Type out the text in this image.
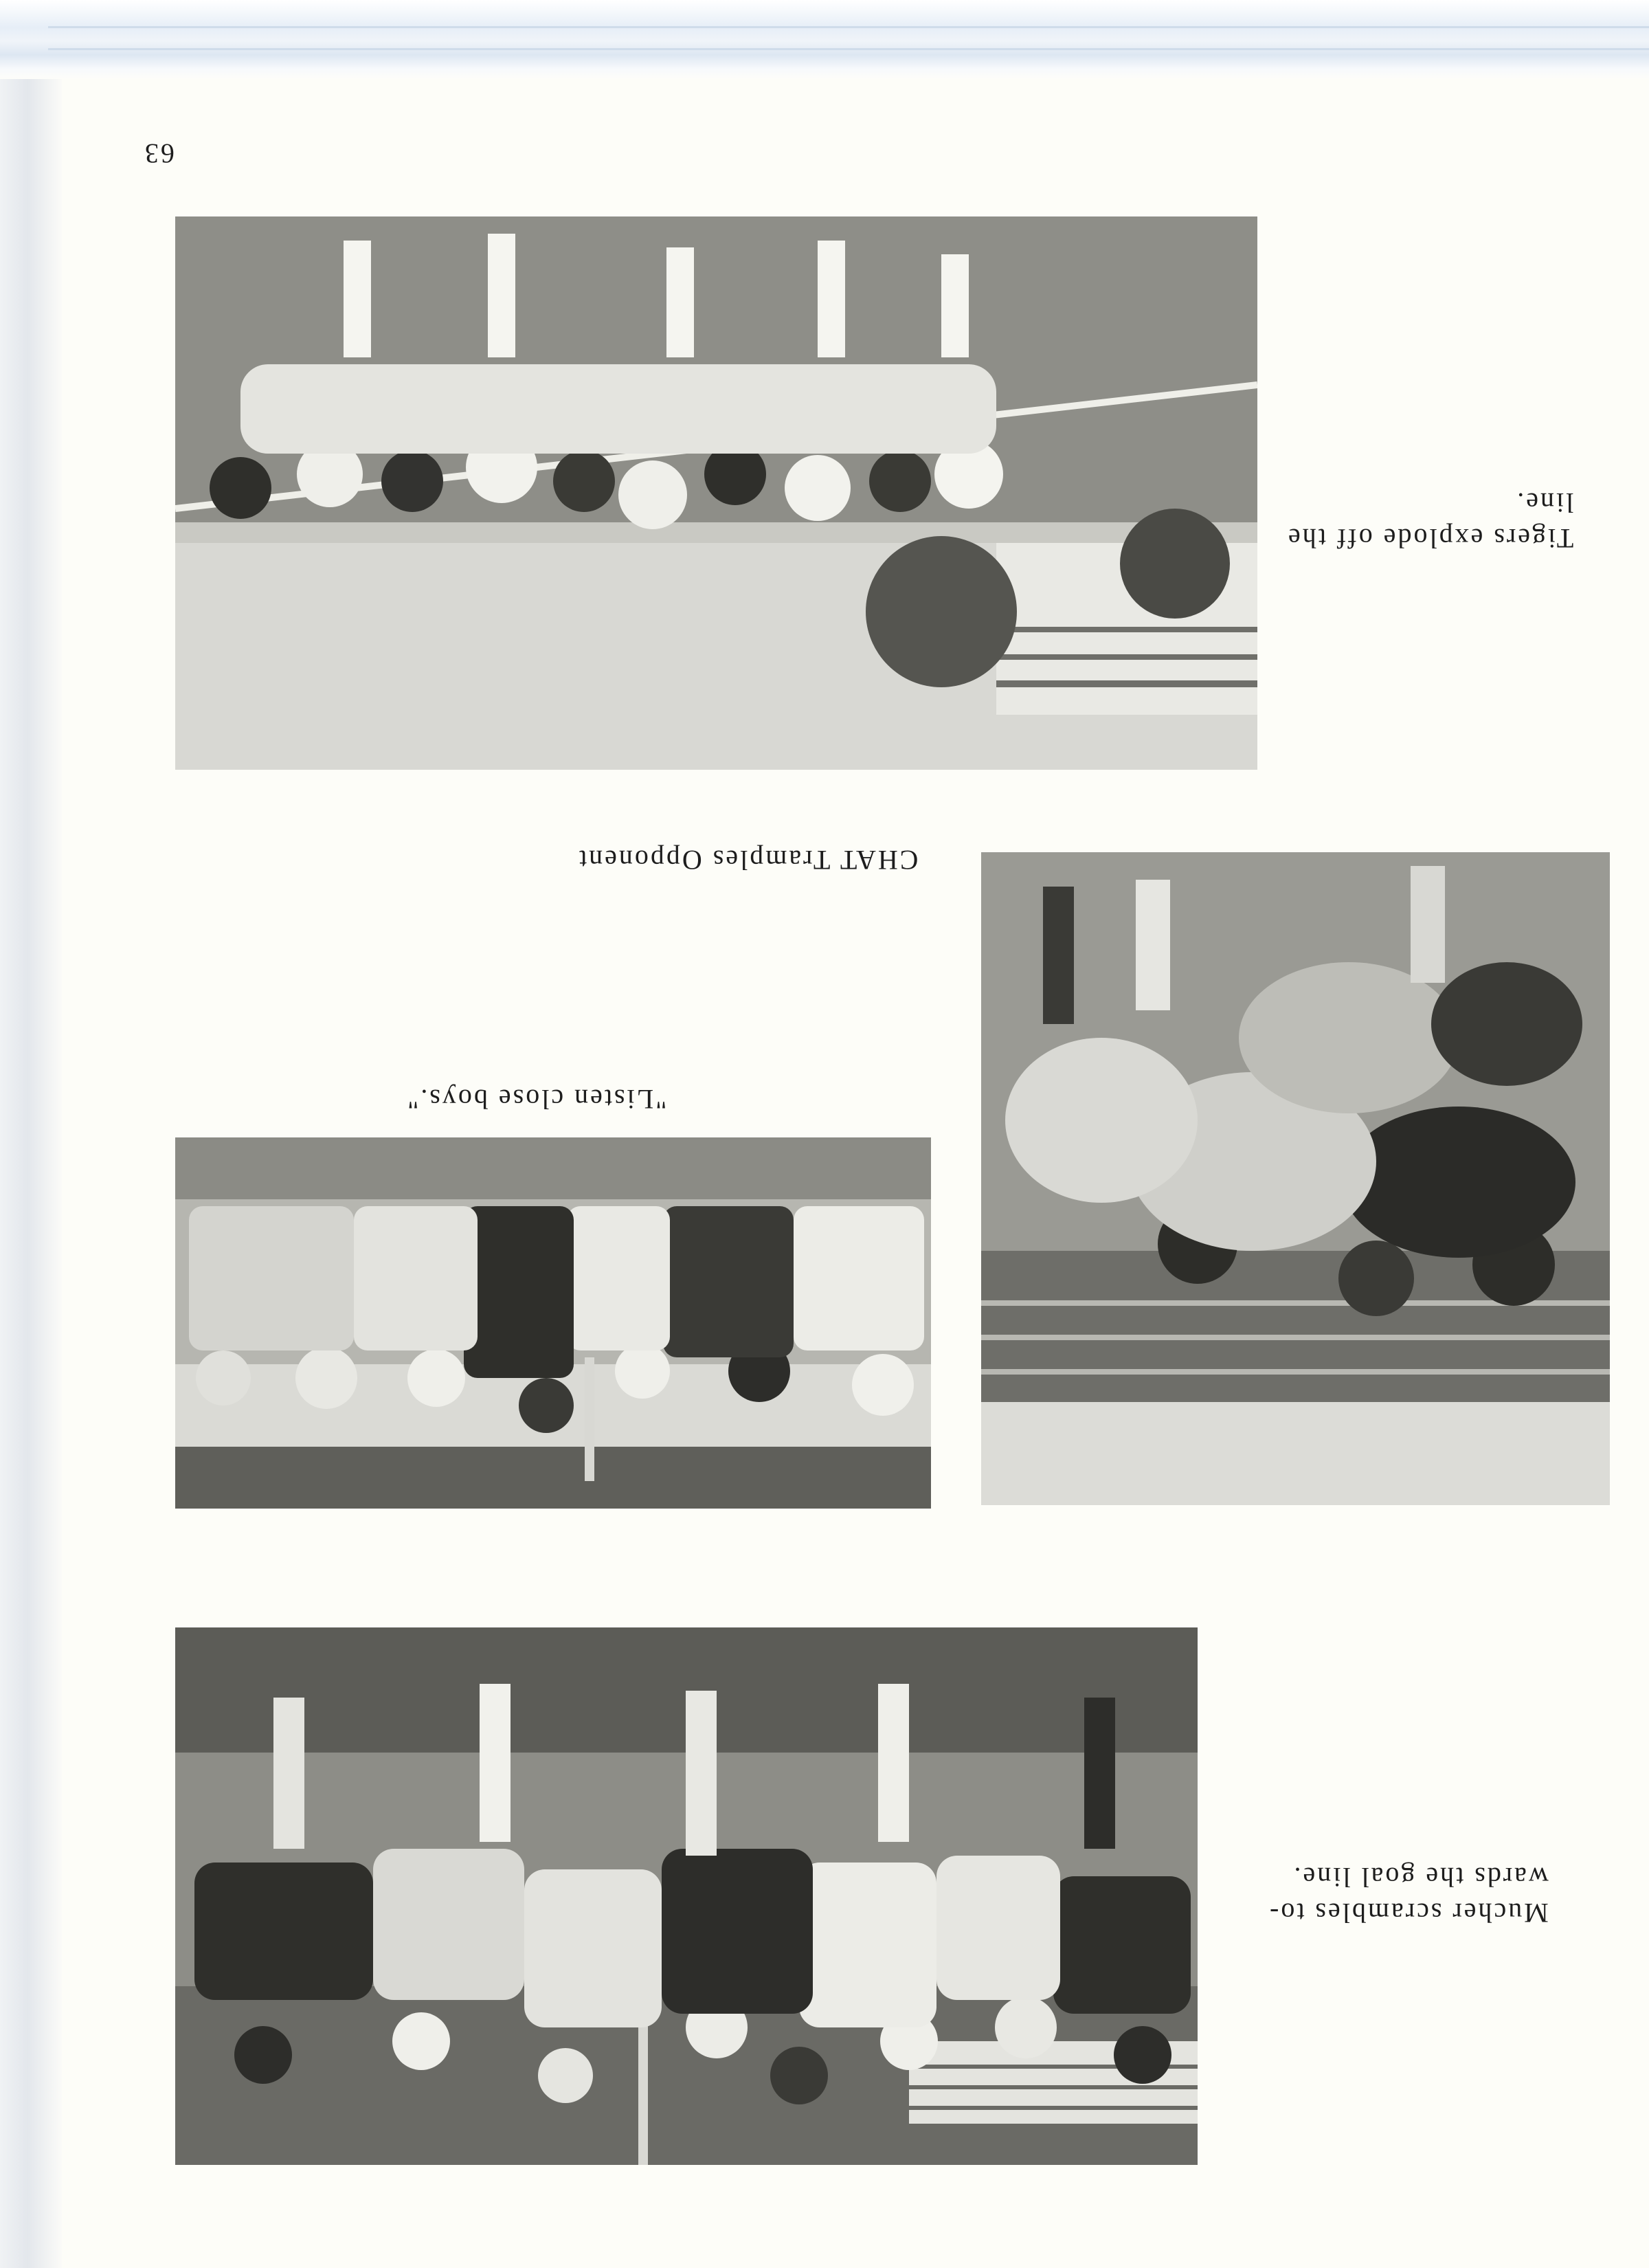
63
Tigers explode off the
line.
CHAT Tramples Opponent
"Listen close boys."
Mucher scrambles to-
wards the goal line.
